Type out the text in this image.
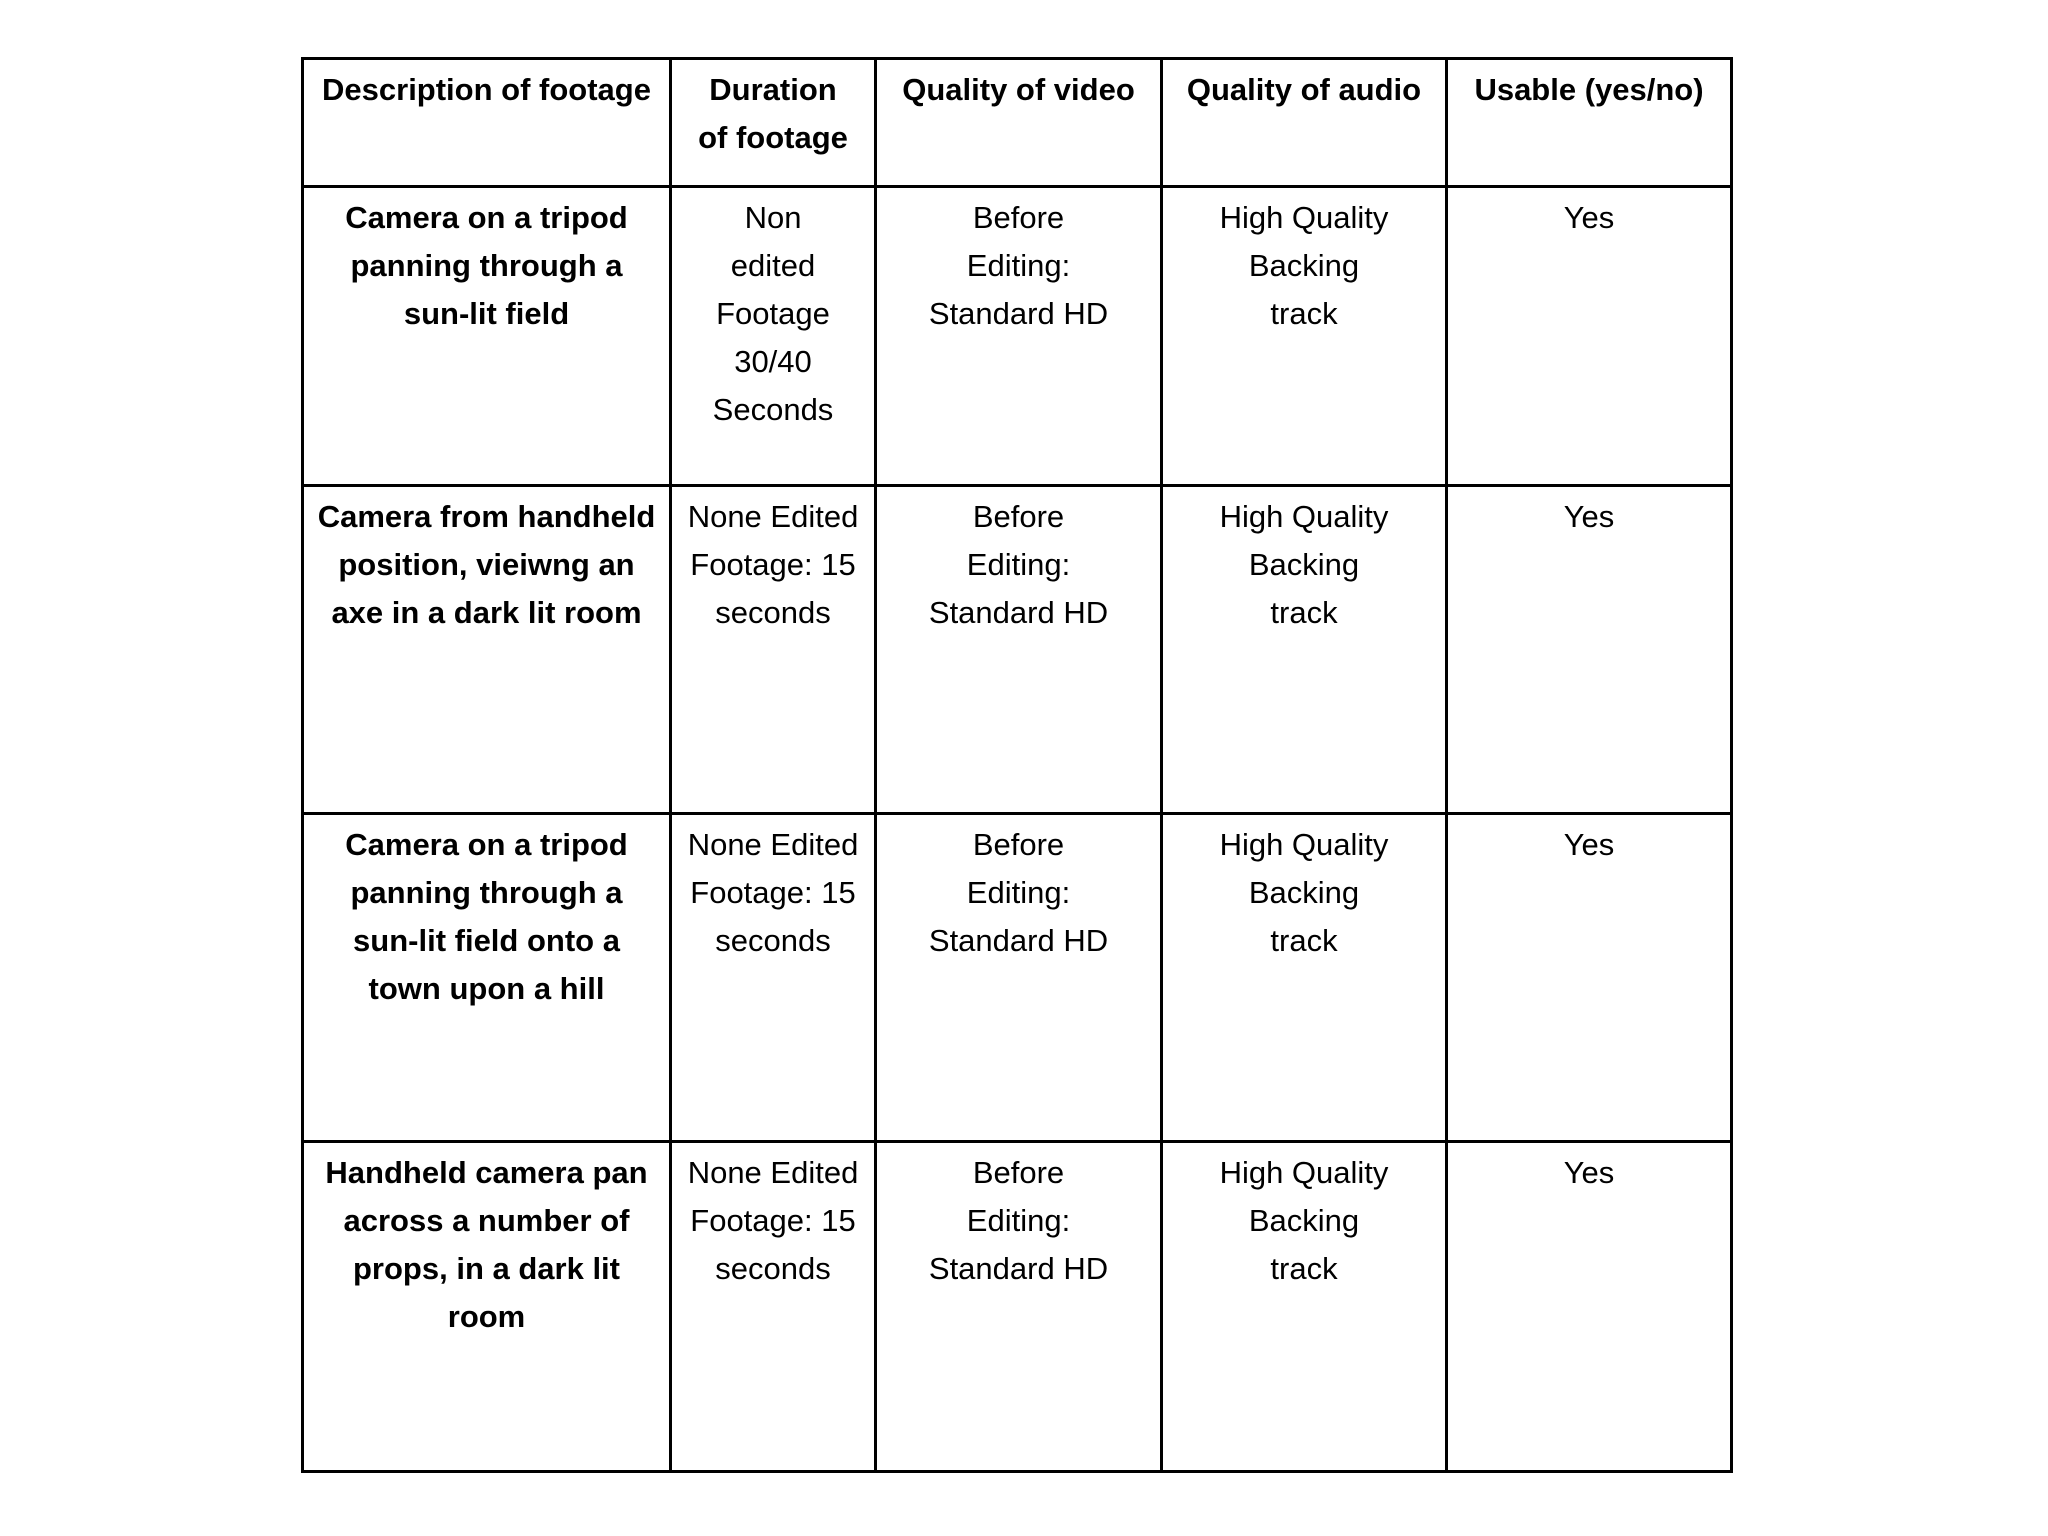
Description of footage	Duration of footage	Quality of video	Quality of audio	Usable (yes/no)

Camera on a tripod panning through a sun-lit field	Non edited Footage 30/40 Seconds	Before Editing: Standard HD	High Quality Backing track	Yes

Camera from handheld position, vieiwng an axe in a dark lit room	None Edited Footage: 15 seconds	Before Editing: Standard HD	High Quality Backing track	Yes

Camera on a tripod panning through a sun-lit field onto a town upon a hill	None Edited Footage: 15 seconds	Before Editing: Standard HD	High Quality Backing track	Yes

Handheld camera pan across a number of props, in a dark lit room	None Edited Footage: 15 seconds	Before Editing: Standard HD	High Quality Backing track	Yes
